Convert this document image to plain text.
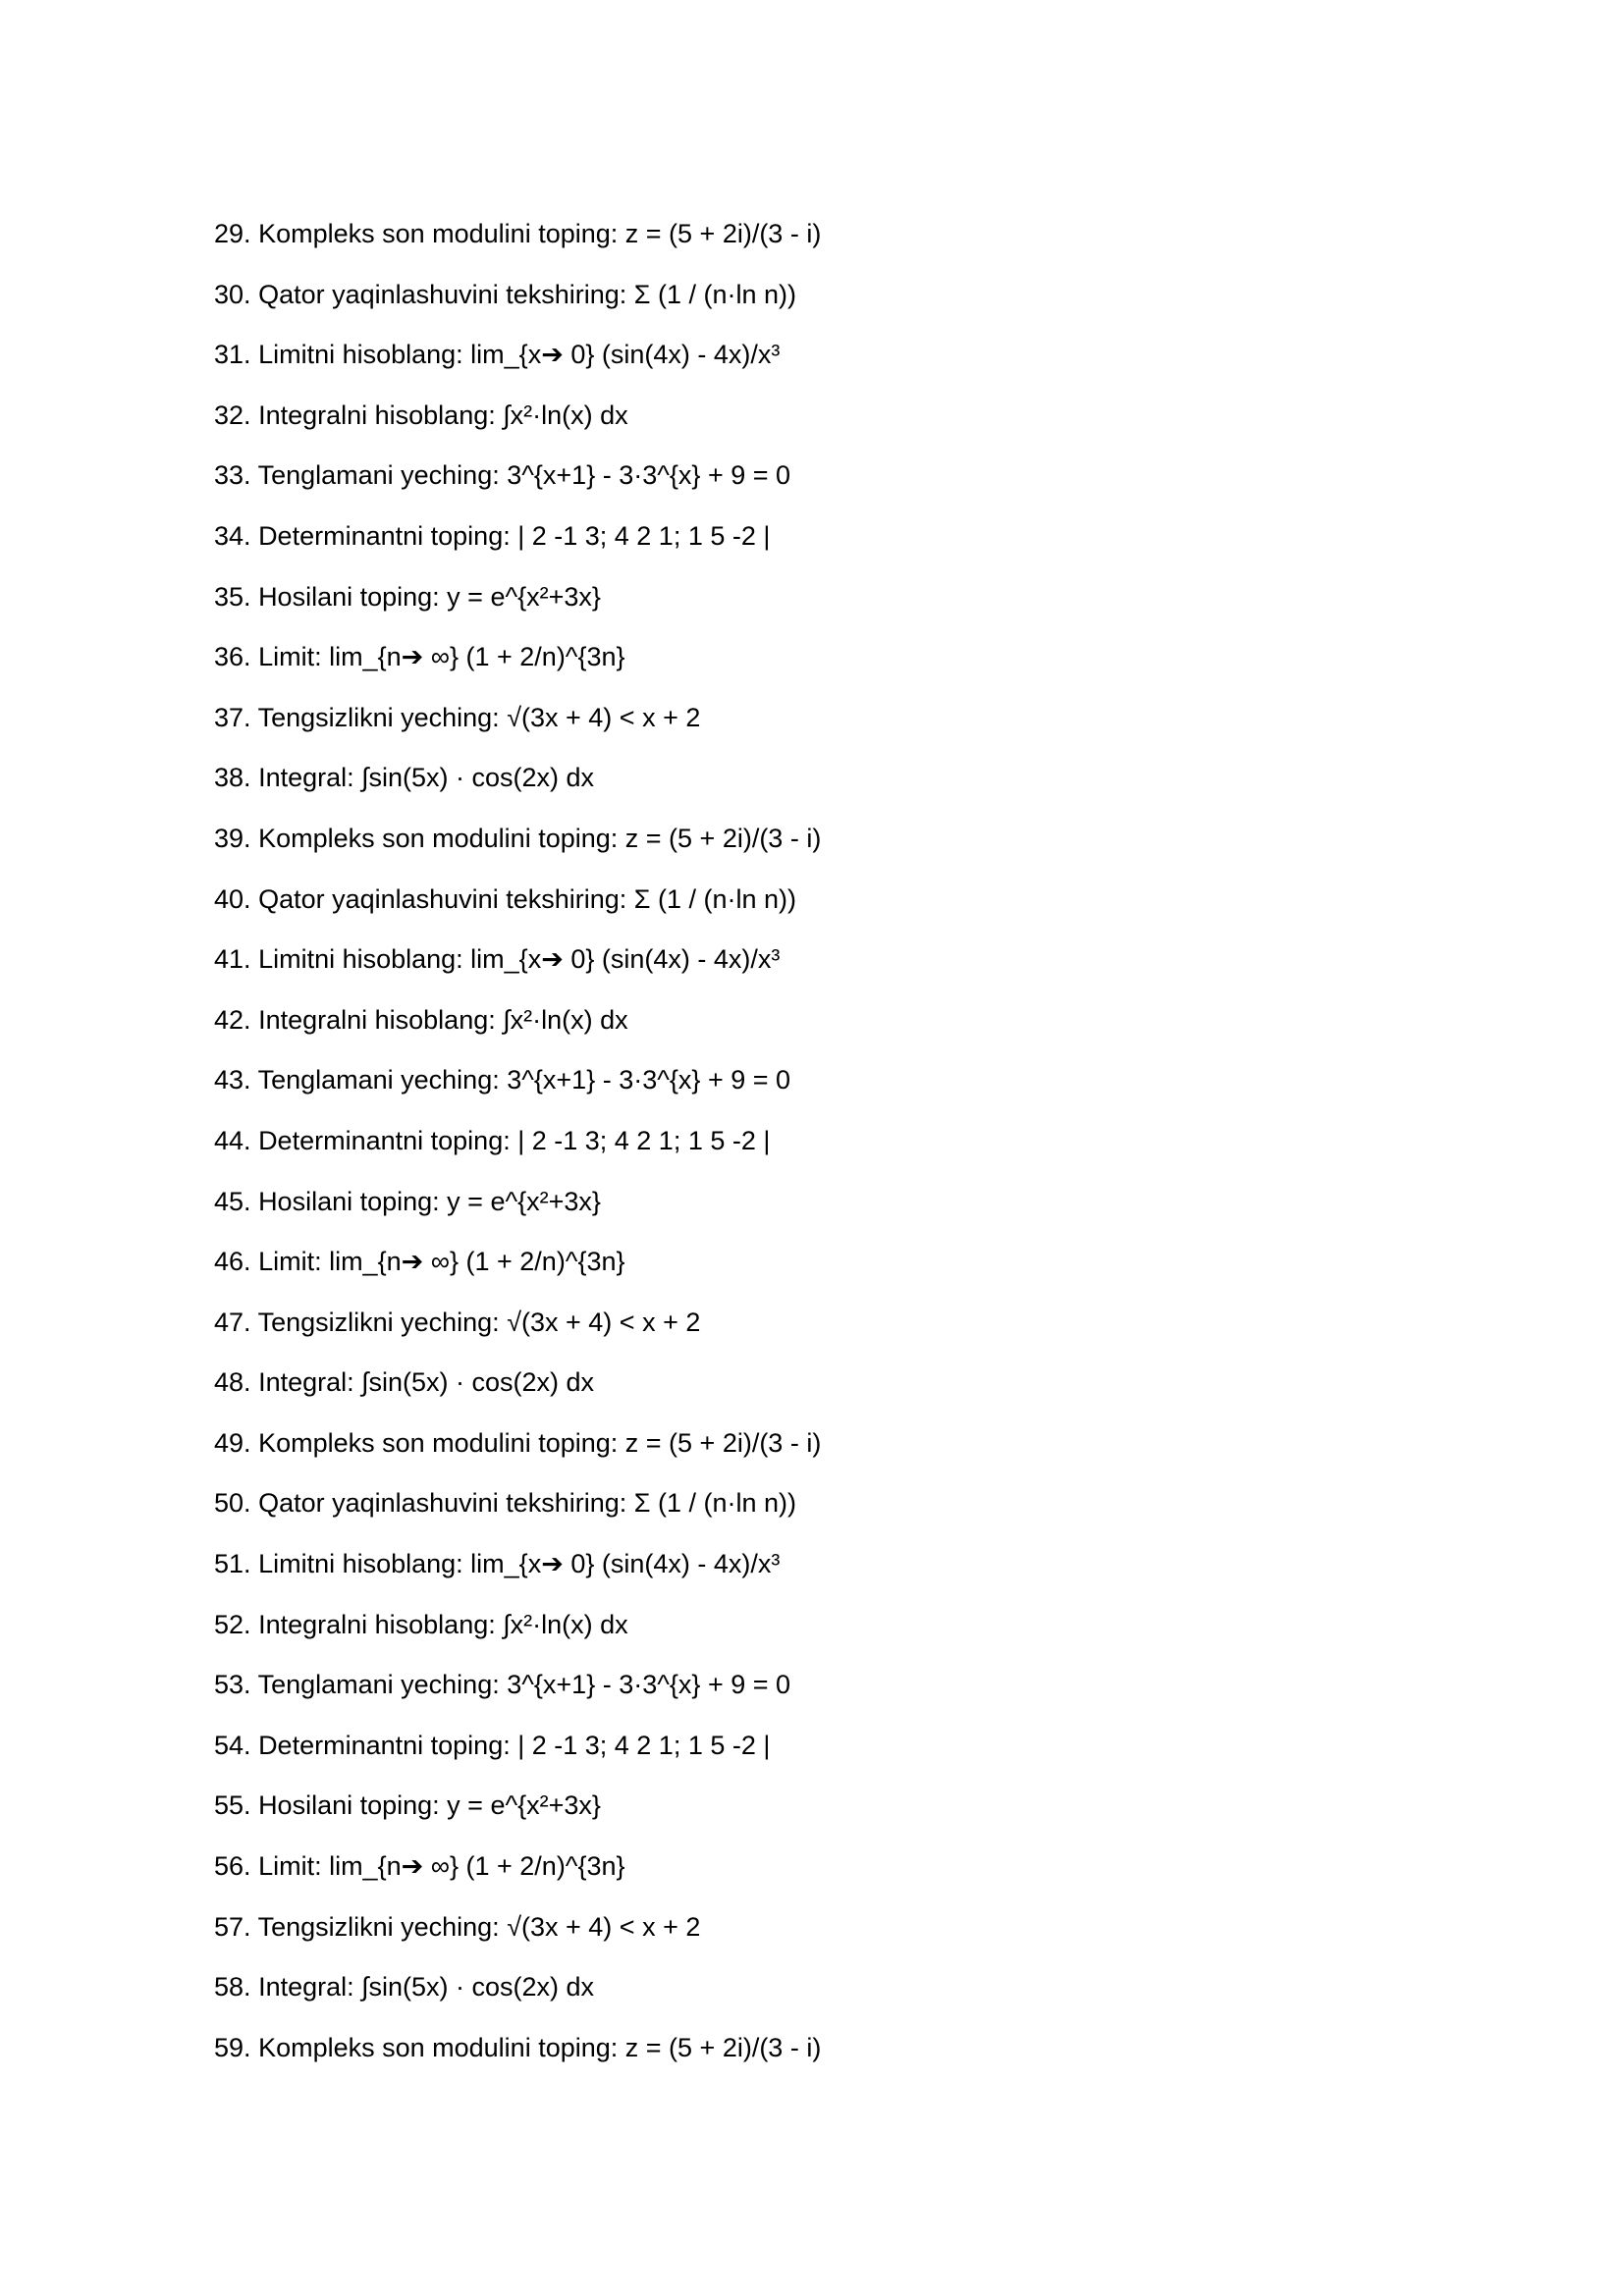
29. Kompleks son modulini toping: z = (5 + 2i)/(3 - i)
30. Qator yaqinlashuvini tekshiring: Σ (1 / (n·ln n))
31. Limitni hisoblang: lim_{x➔ 0} (sin(4x) - 4x)/x³
32. Integralni hisoblang: ∫x²·ln(x) dx
33. Tenglamani yeching: 3^{x+1} - 3·3^{x} + 9 = 0
34. Determinantni toping: | 2 -1 3; 4 2 1; 1 5 -2 |
35. Hosilani toping: y = e^{x²+3x}
36. Limit: lim_{n➔ ∞} (1 + 2/n)^{3n}
37. Tengsizlikni yeching: √(3x + 4) < x + 2
38. Integral: ∫sin(5x) · cos(2x) dx
39. Kompleks son modulini toping: z = (5 + 2i)/(3 - i)
40. Qator yaqinlashuvini tekshiring: Σ (1 / (n·ln n))
41. Limitni hisoblang: lim_{x➔ 0} (sin(4x) - 4x)/x³
42. Integralni hisoblang: ∫x²·ln(x) dx
43. Tenglamani yeching: 3^{x+1} - 3·3^{x} + 9 = 0
44. Determinantni toping: | 2 -1 3; 4 2 1; 1 5 -2 |
45. Hosilani toping: y = e^{x²+3x}
46. Limit: lim_{n➔ ∞} (1 + 2/n)^{3n}
47. Tengsizlikni yeching: √(3x + 4) < x + 2
48. Integral: ∫sin(5x) · cos(2x) dx
49. Kompleks son modulini toping: z = (5 + 2i)/(3 - i)
50. Qator yaqinlashuvini tekshiring: Σ (1 / (n·ln n))
51. Limitni hisoblang: lim_{x➔ 0} (sin(4x) - 4x)/x³
52. Integralni hisoblang: ∫x²·ln(x) dx
53. Tenglamani yeching: 3^{x+1} - 3·3^{x} + 9 = 0
54. Determinantni toping: | 2 -1 3; 4 2 1; 1 5 -2 |
55. Hosilani toping: y = e^{x²+3x}
56. Limit: lim_{n➔ ∞} (1 + 2/n)^{3n}
57. Tengsizlikni yeching: √(3x + 4) < x + 2
58. Integral: ∫sin(5x) · cos(2x) dx
59. Kompleks son modulini toping: z = (5 + 2i)/(3 - i)
